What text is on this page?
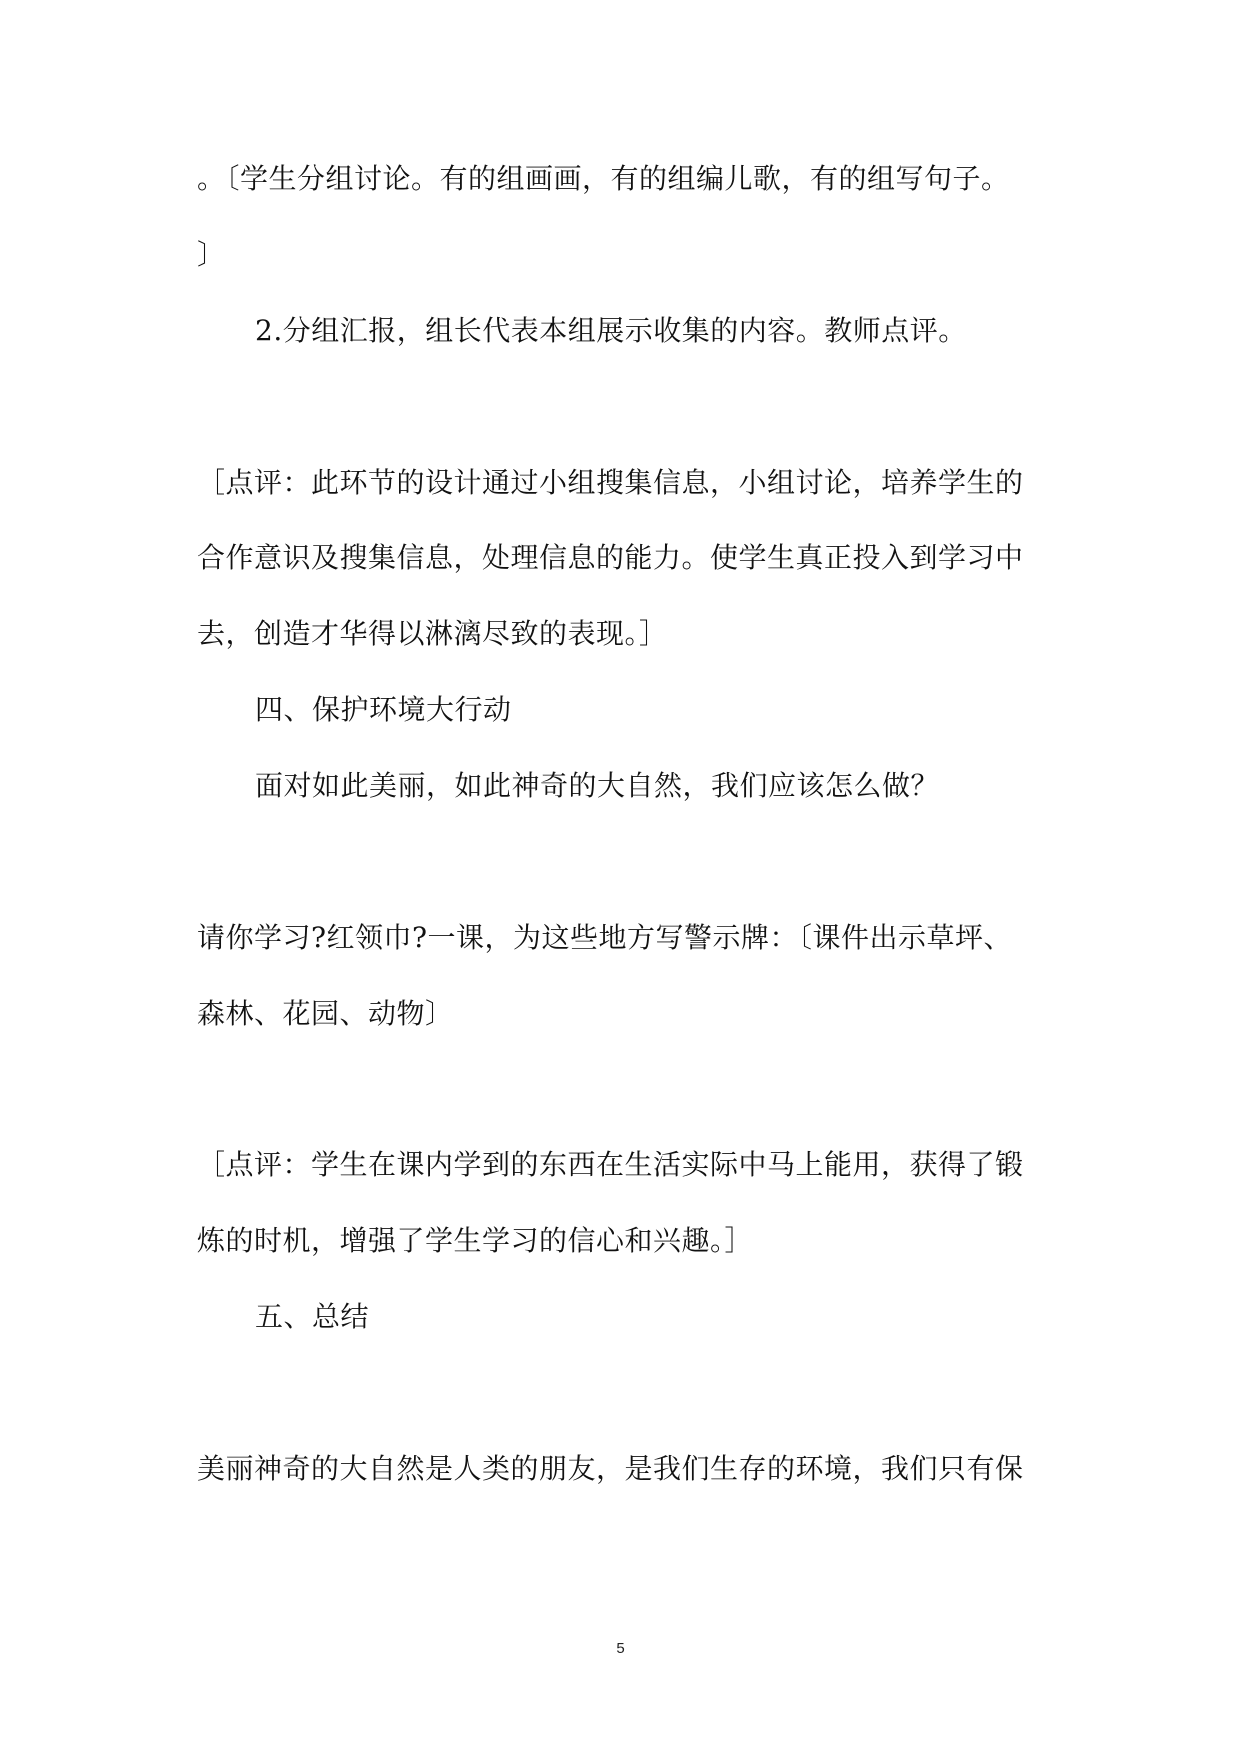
。〔学生分组讨论。有的组画画，有的组编儿歌，有的组写句子。
〕
2.分组汇报，组长代表本组展示收集的内容。教师点评。
［点评：此环节的设计通过小组搜集信息，小组讨论，培养学生的
合作意识及搜集信息，处理信息的能力。使学生真正投入到学习中
去，创造才华得以淋漓尽致的表现。］
四、保护环境大行动
面对如此美丽，如此神奇的大自然，我们应该怎么做？
请你学习?红领巾?一课，为这些地方写警示牌：〔课件出示草坪、
森林、花园、动物〕
［点评：学生在课内学到的东西在生活实际中马上能用，获得了锻
炼的时机，增强了学生学习的信心和兴趣。］
五、总结
美丽神奇的大自然是人类的朋友，是我们生存的环境，我们只有保
5
